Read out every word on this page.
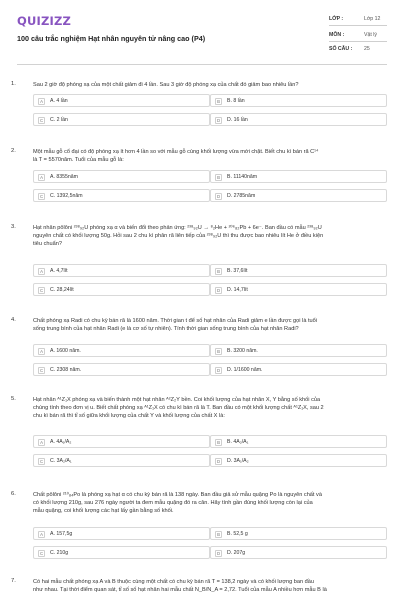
QUIZIZZ
100 câu trắc nghiệm Hạt nhân nguyên tử nâng cao (P4)
LỚP :	Lớp 12
MÔN :	Vật lý
SỐ CÂU : 25
1.	Sau 2 giờ độ phóng xạ của một chất giảm đi 4 lần. Sau 3 giờ độ phóng xạ của chất đó giảm bao nhiêu lần?
A	A. 4 lần	B	B. 8 lần
C	C. 2 lần	D	D. 16 lần
2.	Một mẫu gỗ cổ đại có độ phóng xạ ít hơn 4 lần so với mẫu gỗ cùng khối lượng vừa mới chặt. Biết chu kì bán rã C¹⁴
là T = 5570năm. Tuổi của mẫu gỗ là:
A	A. 8355năm	B	B. 11140năm
C	C. 1392,5năm	D	D. 2785năm
3.	Hạt nhân pôlôni ²³⁸₉₂U phóng xạ α và biến đổi theo phản ứng: ²³⁸₉₂U → ⁸₂He + ²⁰⁶₈₂Pb + 6e⁻. Ban đầu có mẫu ²³⁸₉₂U
nguyên chất có khối lượng 50g. Hỏi sau 2 chu kì phân rã liên tiếp của ²³⁸₉₂U thì thu được bao nhiêu lít He ở điều kiện
tiêu chuẩn?
A	A. 4,7lít	B	B. 37,6lít
C	C. 28,24lít	D	D. 14,7lít
4.	Chất phóng xạ Radi có chu kỳ bán rã là 1600 năm. Thời gian t để số hạt nhân của Radi giảm e lần được gọi là tuổi
sống trung bình của hạt nhân Radi (e là cơ số tự nhiên). Tính thời gian sống trung bình của hạt nhân Radi?
A	A. 1600 năm.	B	B. 3200 năm.
C	C. 2308 năm.	D	D. 1/1600 năm.
5.	Hạt nhân ᴬ¹Z₁X phóng xạ và biến thành một hạt nhân ᴬ²Z₂Y bền. Coi khối lượng của hạt nhân X, Y bằng số khối của
chúng tính theo đơn vị u. Biết chất phóng xạ ᴬ¹Z₁X có chu kì bán rã là T. Ban đầu có một khối lượng chất ᴬ¹Z₁X, sau 2
chu kì bán rã thì tỉ số giữa khối lượng của chất Y và khối lượng của chất X là:
A	A. 4A₁/A₂	B	B. 4A₂/A₁
C	C. 3A₂/A₁	D	D. 3A₁/A₂
6.	Chất pôlôni ²¹⁰₈₄Po là phóng xạ hạt α có chu kỳ bán rã là 138 ngày. Ban đầu giả sử mẫu quặng Po là nguyên chất và
có khối lượng 210g, sau 276 ngày người ta đem mẫu quặng đó ra cân. Hãy tính gần đúng khối lượng còn lại của
mẫu quặng, coi khối lượng các hạt lấy gần bằng số khối.
A	A. 157,5g	B	B. 52,5 g
C	C. 210g	D	D. 207g
7.	Có hai mẫu chất phóng xạ A và B thuộc cùng một chất có chu kỳ bán rã T = 138,2 ngày và có khối lượng ban đầu
như nhau. Tại thời điểm quan sát, tỉ số số hạt nhân hai mẫu chất N_B/N_A = 2,72. Tuổi của mẫu A nhiều hơn mẫu B là
